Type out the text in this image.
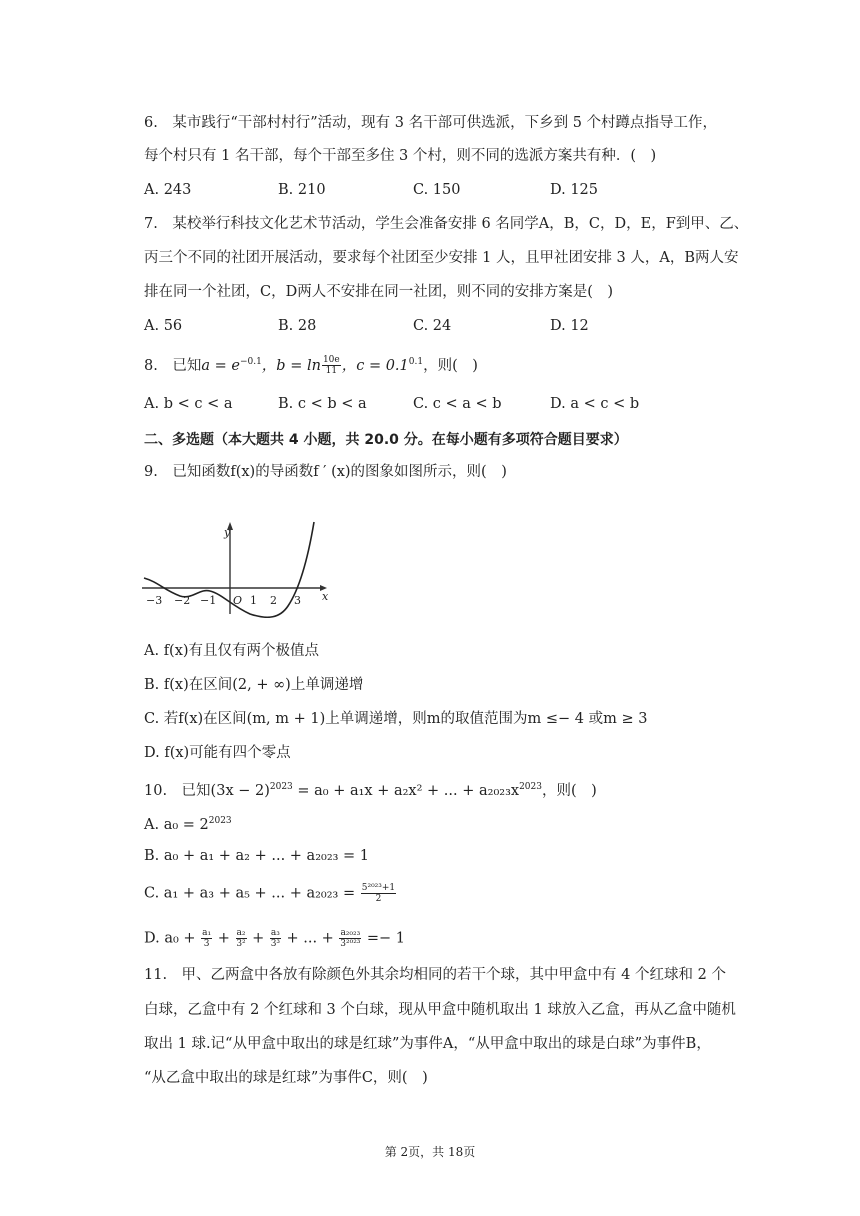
6.　某市践行“干部村村行”活动，现有 3 名干部可供选派，下乡到 5 个村蹲点指导工作，
每个村只有 1 名干部，每个干部至多住 3 个村，则不同的选派方案共有种．(　)
A. 243	B. 210	C. 150	D. 125
7.　某校举行科技文化艺术节活动，学生会准备安排 6 名同学A，B，C，D，E，F到甲、乙、
丙三个不同的社团开展活动，要求每个社团至少安排 1 人，且甲社团安排 3 人，A，B两人安
排在同一个社团，C，D两人不安排在同一社团，则不同的安排方案是(　)
A. 56	B. 28	C. 24	D. 12
8.　已知$a = e^{-0.1}$，$b = \ln \frac{10e}{11}$ ，$c = 0.1^{0.1}$，则(　)
A. b < c < a	B. c < b < a	C. c < a < b	D. a < c < b
二、多选题（本大题共 4 小题，共 20.0 分。在每小题有多项符合题目要求）
9.　已知函数f(x)的导函数f ′ (x)的图象如图所示，则(　)
y
x
−3 −2 −1 O 1 2 3
A. f(x)有且仅有两个极值点
B. f(x)在区间(2, + ∞)上单调递增
C. 若f(x)在区间(m, m + 1)上单调递增，则m的取值范围为m ≤− 4 或m ≥ 3
D. f(x)可能有四个零点
10.　已知$(3x - 2)^{2023} = a_0 + a_1x + a_2x^2$ + ... + $a_{2023}x^{2023}$，则(　)
A. $a_0 = 2^{2023}$
B. a₀ + a₁ + a₂ + ... + a₂₀₂₃ = 1
C. a₁ + a₃ + a₅ + ... + $a_{2023} = \frac{\text{5²⁰²³+1}}{2}$
D. $a_0 + \frac{\text{a₁}}{3} + \frac{\text{a₂}}{\text{3²}} + \frac{\text{a₃}}{\text{3³}}$ + ... + $\frac{\text{a₂₀₂₃}}{\text{3²⁰²³}} =- 1$
11.　甲、乙两盒中各放有除颜色外其余均相同的若干个球，其中甲盒中有 4 个红球和 2 个
白球，乙盒中有 2 个红球和 3 个白球，现从甲盒中随机取出 1 球放入乙盒，再从乙盒中随机
取出 1 球.记“从甲盒中取出的球是红球”为事件A，“从甲盒中取出的球是白球”为事件B，
“从乙盒中取出的球是红球”为事件C，则(　)
第 2页，共 18页
